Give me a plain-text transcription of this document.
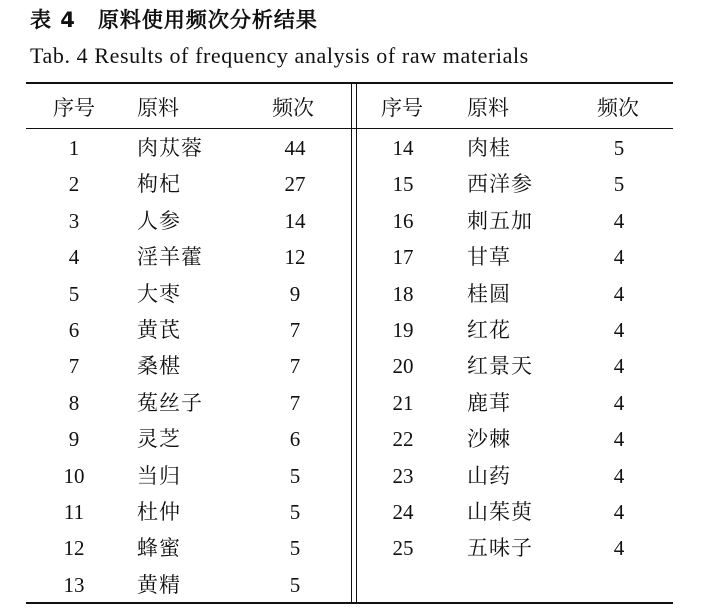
表 4 原料使用频次分析结果
Tab. 4 Results of frequency analysis of raw materials
序号 原料	频次	序号 原料	频次
1	肉苁蓉	44
2	枸杞	27
3	人参	14
4	淫羊藿	12
5	大枣	9
6	黄芪	7
7	桑椹	7
8	菟丝子	7
9	灵芝	6
10	当归	5
11	杜仲	5
12	蜂蜜	5
13	黄精	5
14	肉桂	5
15	西洋参	5
16	刺五加	4
17	甘草	4
18	桂圆	4
19	红花	4
20	红景天	4
21	鹿茸	4
22	沙棘	4
23	山药	4
24	山茱萸	4
25	五味子	4
